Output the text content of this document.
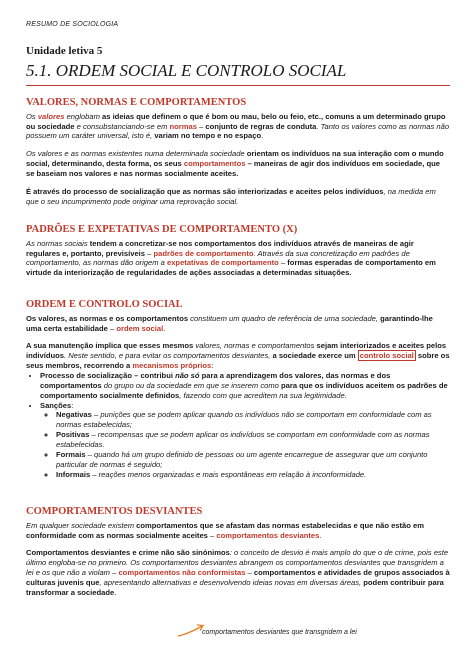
RESUMO DE SOCIOLOGIA
Unidade letiva 5
5.1. ORDEM SOCIAL E CONTROLO SOCIAL
VALORES, NORMAS E COMPORTAMENTOS

Os valores englobam as ideias que definem o que é bom ou mau, belo ou feio, etc., comuns a um determinado grupo ou sociedade e consubstanciando-se em normas – conjunto de regras de conduta. Tanto os valores como as normas não possuem um caráter universal, isto é, variam no tempo e no espaço.

Os valores e as normas existentes numa determinada sociedade orientam os indivíduos na sua interação com o mundo social, determinando, desta forma, os seus comportamentos – maneiras de agir dos indivíduos em sociedade, que se baseiam nos valores e nas normas socialmente aceites.

É através do processo de socialização que as normas são interiorizadas e aceites pelos indivíduos, na medida em que o seu incumprimento pode originar uma reprovação social.

PADRÕES E EXPETATIVAS DE COMPORTAMENTO (X)

As normas sociais tendem a concretizar-se nos comportamentos dos indivíduos através de maneiras de agir regulares e, portanto, previsíveis – padrões de comportamento. Através da sua concretização em padrões de comportamento, as normas dão origem a expetativas de comportamento – formas esperadas de comportamento em virtude da interiorização de regularidades de ações associadas a determinadas situações.

ORDEM E CONTROLO SOCIAL

Os valores, as normas e os comportamentos constituem um quadro de referência de uma sociedade, garantindo-lhe uma certa estabilidade – ordem social.

A sua manutenção implica que esses mesmos valores, normas e comportamentos sejam interiorizados e aceites pelos indivíduos. Neste sentido, e para evitar os comportamentos desviantes, a sociedade exerce um controlo social sobre os seus membros, recorrendo a mecanismos próprios:

• Processo de socialização – contribui não só para a aprendizagem dos valores, das normas e dos comportamentos do grupo ou da sociedade em que se inserem como para que os indivíduos aceitem os padrões de comportamento socialmente definidos, fazendo com que acreditem na sua legitimidade.
• Sanções:
◦ Negativas – punições que se podem aplicar quando os indivíduos não se comportam em conformidade com as normas estabelecidas;
◦ Positivas – recompensas que se podem aplicar os indivíduos se comportam em conformidade com as normas estabelecidas.
◦ Formais – quando há um grupo definido de pessoas ou um agente encarregue de assegurar que um conjunto particular de normas é seguido;
◦ Informais – reações menos organizadas e mais espontâneas em relação à inconformidade.
COMPORTAMENTOS DESVIANTES

Em qualquer sociedade existem comportamentos que se afastam das normas estabelecidas e que não estão em conformidade com as normas socialmente aceites – comportamentos desviantes.

Comportamentos desviantes e crime não são sinónimos: o conceito de desvio é mais amplo do que o de crime, pois este último engloba-se no primeiro. Os comportamentos desviantes abrangem os comportamentos desviantes que transgridem a lei e os que não a violam – comportamentos não conformistas – comportamentos e atividades de grupos associados à culturas juvenis que, apresentando alternativas e desenvolvendo ideias novas em diversas áreas, podem contribuir para transformar a sociedade.

comportamentos desviantes que transgridem a lei
